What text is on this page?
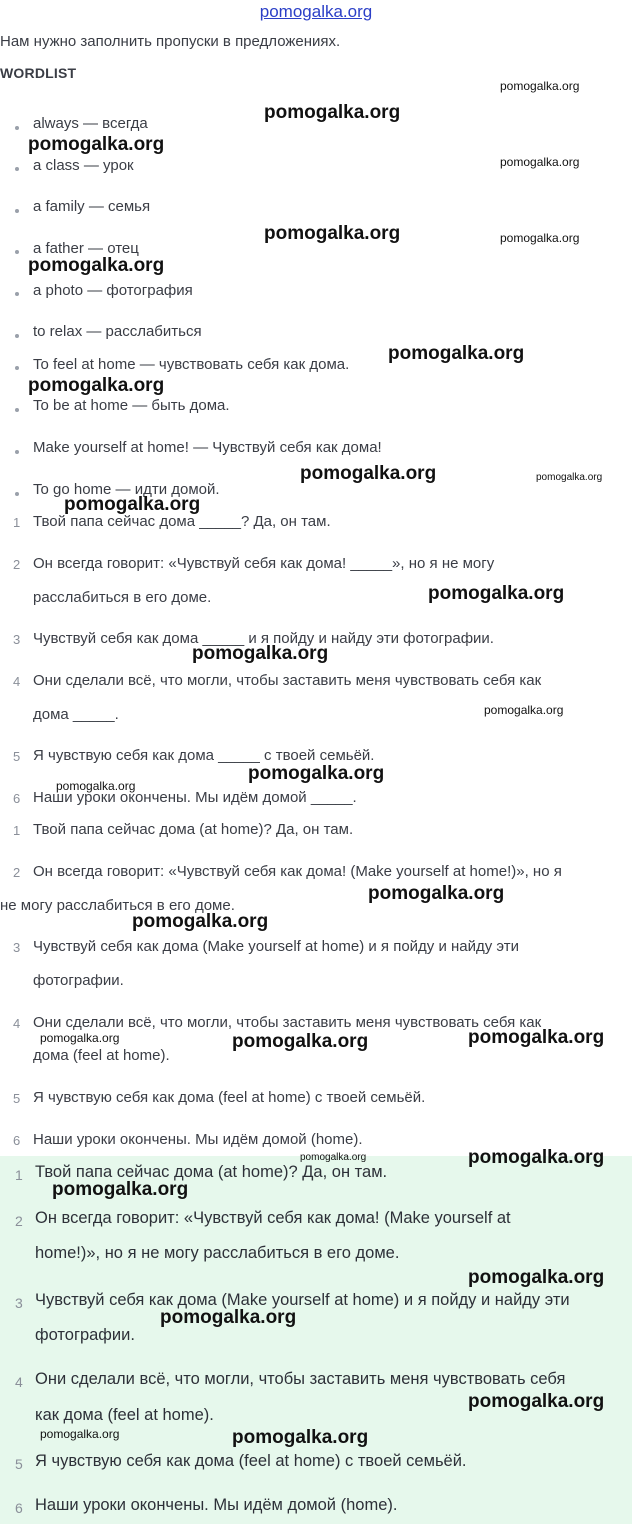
pomogalka.org
Нам нужно заполнить пропуски в предложениях.
WORDLIST
always — всегда
a class — урок
a family — семья
a father — отец
a photo — фотография
to relax — расслабиться
To feel at home — чувствовать себя как дома.
To be at home — быть дома.
Make yourself at home! — Чувствуй себя как дома!
To go home — идти домой.
1 Твой папа сейчас дома _____? Да, он там.
2 Он всегда говорит: «Чувствуй себя как дома! _____», но я не могу
расслабиться в его доме.
3 Чувствуй себя как дома _____ и я пойду и найду эти фотографии.
4 Они сделали всё, что могли, чтобы заставить меня чувствовать себя как
дома _____.
5 Я чувствую себя как дома _____ с твоей семьёй.
6 Наши уроки окончены. Мы идём домой _____.
1 Твой папа сейчас дома (at home)? Да, он там.
2 Он всегда говорит: «Чувствуй себя как дома! (Make yourself at home!)», но я
не могу расслабиться в его доме.
3 Чувствуй себя как дома (Make yourself at home) и я пойду и найду эти
фотографии.
4 Они сделали всё, что могли, чтобы заставить меня чувствовать себя как
дома (feel at home).
5 Я чувствую себя как дома (feel at home) с твоей семьёй.
6 Наши уроки окончены. Мы идём домой (home).
1 Твой папа сейчас дома (at home)? Да, он там.
2 Он всегда говорит: «Чувствуй себя как дома! (Make yourself at
home!)», но я не могу расслабиться в его доме.
3 Чувствуй себя как дома (Make yourself at home) и я пойду и найду эти
фотографии.
4 Они сделали всё, что могли, чтобы заставить меня чувствовать себя
как дома (feel at home).
5 Я чувствую себя как дома (feel at home) с твоей семьёй.
6 Наши уроки окончены. Мы идём домой (home).
pomogalka.org
pomogalka.org
pomogalka.org
pomogalka.org
pomogalka.org	pomogalka.org
pomogalka.org
pomogalka.org
pomogalka.org
pomogalka.org	pomogalka.org
pomogalka.org
pomogalka.org
pomogalka.org
pomogalka.org
pomogalka.org
pomogalka.org
pomogalka.org
pomogalka.org
pomogalka.org	pomogalka.org	pomogalka.org
pomogalka.org
pomogalka.org
pomogalka.org
pomogalka.org
pomogalka.org
pomogalka.org
pomogalka.org	pomogalka.org
